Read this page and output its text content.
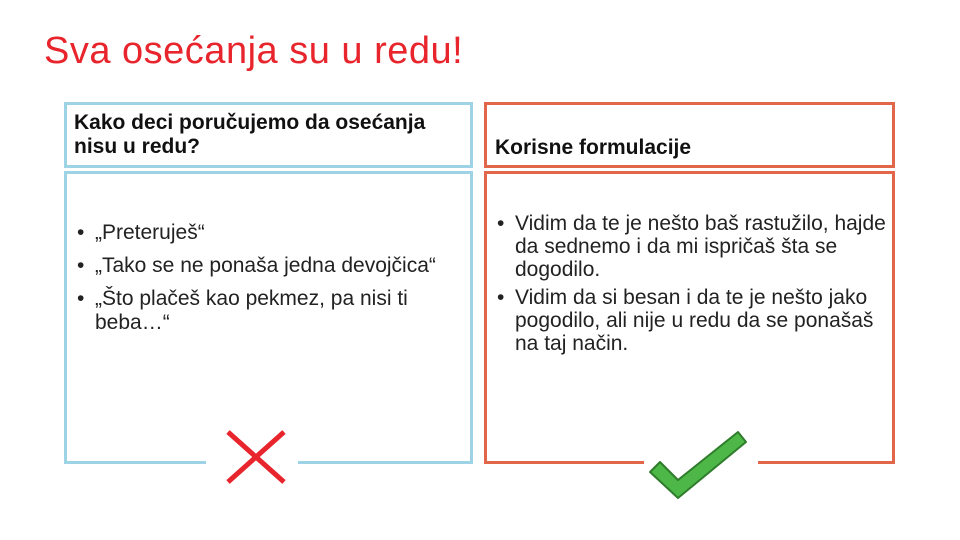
Sva osećanja su u redu!
Kako deci poručujemo da osećanja nisu u redu?
• „Preteruješ“
• „Tako se ne ponaša jedna devojčica“
• „Što plačeš kao pekmez, pa nisi ti beba…“
Korisne formulacije
• Vidim da te je nešto baš rastužilo, hajde da sednemo i da mi ispričaš šta se dogodilo.
• Vidim da si besan i da te je nešto jako pogodilo, ali nije u redu da se ponašaš na taj način.
